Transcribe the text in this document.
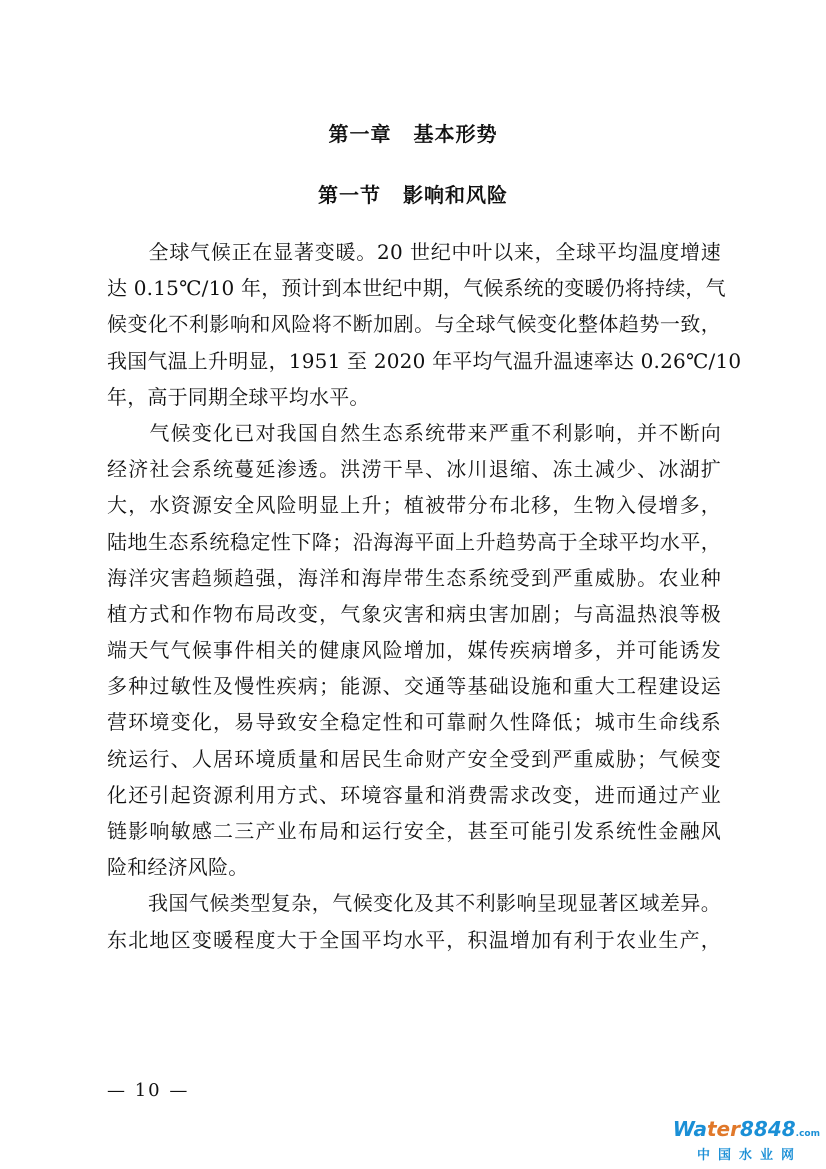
第一章 基本形势
第一节 影响和风险
　　全球气候正在显著变暖。20 世纪中叶以来，全球平均温度增速
达 0.15℃/10 年，预计到本世纪中期，气候系统的变暖仍将持续，气
候变化不利影响和风险将不断加剧。与全球气候变化整体趋势一致，
我国气温上升明显，1951 至 2020 年平均气温升温速率达 0.26℃/10
年，高于同期全球平均水平。
　　气候变化已对我国自然生态系统带来严重不利影响，并不断向
经济社会系统蔓延渗透。洪涝干旱、冰川退缩、冻土减少、冰湖扩
大，水资源安全风险明显上升；植被带分布北移，生物入侵增多，
陆地生态系统稳定性下降；沿海海平面上升趋势高于全球平均水平，
海洋灾害趋频趋强，海洋和海岸带生态系统受到严重威胁。农业种
植方式和作物布局改变，气象灾害和病虫害加剧；与高温热浪等极
端天气气候事件相关的健康风险增加，媒传疾病增多，并可能诱发
多种过敏性及慢性疾病；能源、交通等基础设施和重大工程建设运
营环境变化，易导致安全稳定性和可靠耐久性降低；城市生命线系
统运行、人居环境质量和居民生命财产安全受到严重威胁；气候变
化还引起资源利用方式、环境容量和消费需求改变，进而通过产业
链影响敏感二三产业布局和运行安全，甚至可能引发系统性金融风
险和经济风险。
　　我国气候类型复杂，气候变化及其不利影响呈现显著区域差异。
东北地区变暖程度大于全国平均水平，积温增加有利于农业生产，
— 10 —
Water8848.com
中国水业网
